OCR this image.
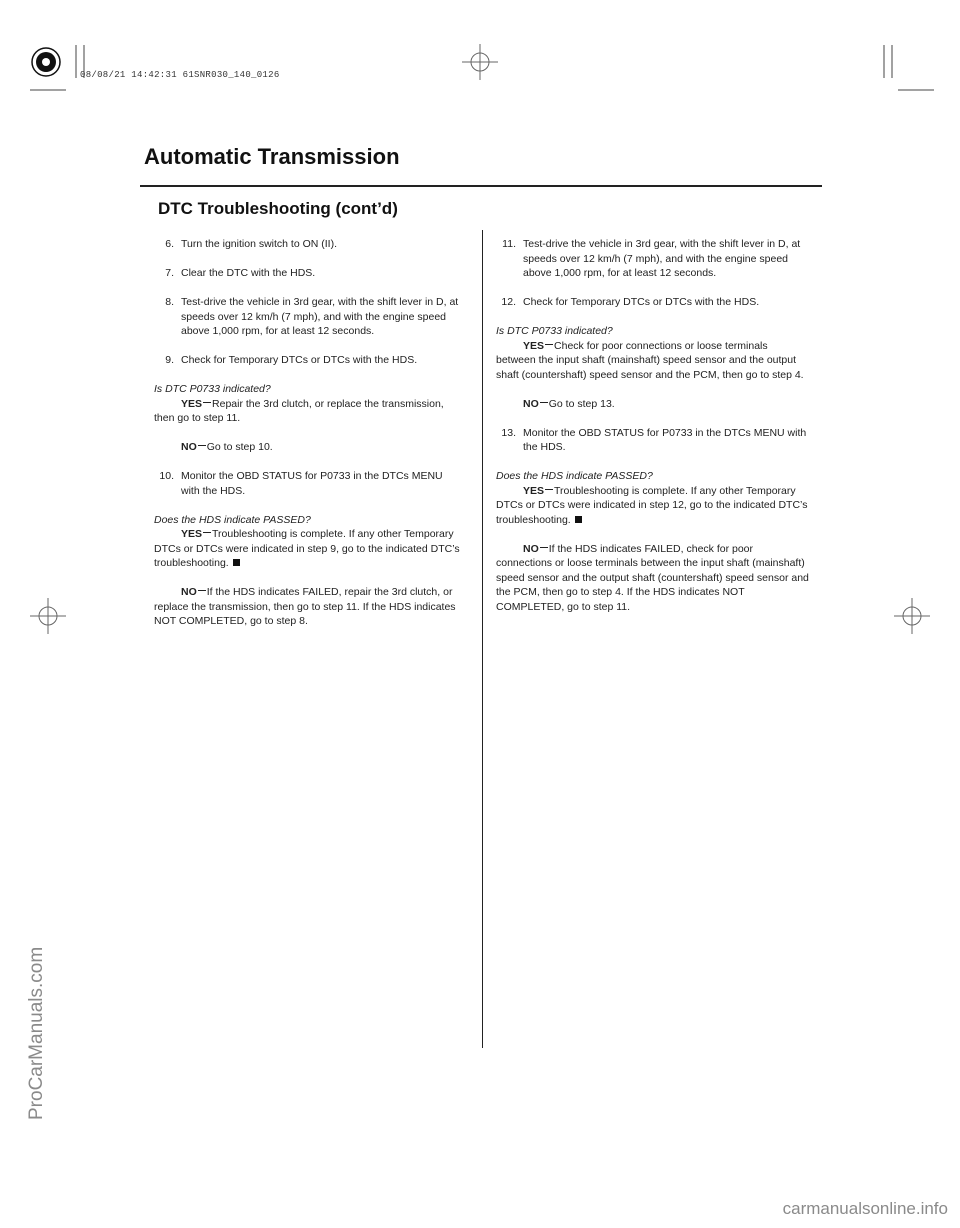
08/08/21 14:42:31 61SNR030_140_0126
ProCarManuals.com
carmanualsonline.info
Automatic Transmission
DTC Troubleshooting (cont’d)
6. Turn the ignition switch to ON (II).

7. Clear the DTC with the HDS.

8. Test-drive the vehicle in 3rd gear, with the shift lever in D, at speeds over 12 km/h (7 mph), and with the engine speed above 1,000 rpm, for at least 12 seconds.

9. Check for Temporary DTCs or DTCs with the HDS.

Is DTC P0733 indicated?

YES Repair the 3rd clutch, or replace the transmission, then go to step 11.
NO Go to step 10.
10. Monitor the OBD STATUS for P0733 in the DTCs MENU with the HDS.

Does the HDS indicate PASSED?

YES Troubleshooting is complete. If any other Temporary DTCs or DTCs were indicated in step 9, go to the indicated DTC’s troubleshooting.
NO If the HDS indicates FAILED, repair the 3rd clutch, or replace the transmission, then go to step 11. If the HDS indicates NOT COMPLETED, go to step 8.
11. Test-drive the vehicle in 3rd gear, with the shift lever in D, at speeds over 12 km/h (7 mph), and with the engine speed above 1,000 rpm, for at least 12 seconds.

12. Check for Temporary DTCs or DTCs with the HDS.

Is DTC P0733 indicated?

YES Check for poor connections or loose terminals between the input shaft (mainshaft) speed sensor and the output shaft (countershaft) speed sensor and the PCM, then go to step 4.
NO Go to step 13.
13. Monitor the OBD STATUS for P0733 in the DTCs MENU with the HDS.

Does the HDS indicate PASSED?

YES Troubleshooting is complete. If any other Temporary DTCs or DTCs were indicated in step 12, go to the indicated DTC’s troubleshooting.
NO If the HDS indicates FAILED, check for poor connections or loose terminals between the input shaft (mainshaft) speed sensor and the output shaft (countershaft) speed sensor and the PCM, then go to step 4. If the HDS indicates NOT COMPLETED, go to step 11.
